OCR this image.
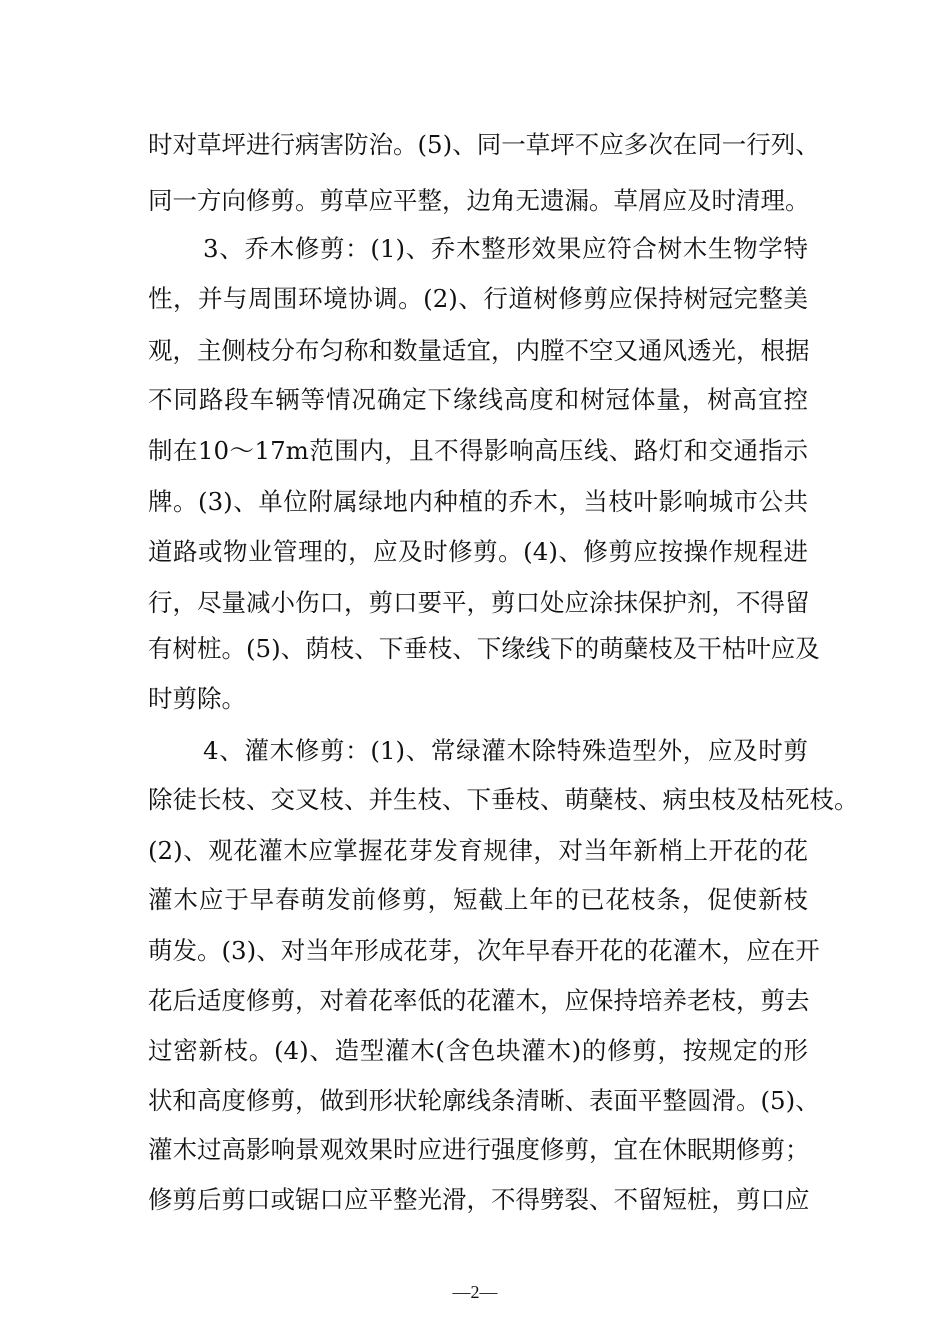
时对草坪进行病害防治。(5)、同一草坪不应多次在同一行列、
同一方向修剪。剪草应平整，边角无遗漏。草屑应及时清理。
3、乔木修剪：(1)、乔木整形效果应符合树木生物学特
性，并与周围环境协调。(2)、行道树修剪应保持树冠完整美
观，主侧枝分布匀称和数量适宜，内膛不空又通风透光，根据
不同路段车辆等情况确定下缘线高度和树冠体量，树高宜控
制在10～17m范围内，且不得影响高压线、路灯和交通指示
牌。(3)、单位附属绿地内种植的乔木，当枝叶影响城市公共
道路或物业管理的，应及时修剪。(4)、修剪应按操作规程进
行，尽量减小伤口，剪口要平，剪口处应涂抹保护剂，不得留
有树桩。(5)、荫枝、下垂枝、下缘线下的萌蘖枝及干枯叶应及
时剪除。
4、灌木修剪：(1)、常绿灌木除特殊造型外，应及时剪
除徒长枝、交叉枝、并生枝、下垂枝、萌蘖枝、病虫枝及枯死枝。
(2)、观花灌木应掌握花芽发育规律，对当年新梢上开花的花
灌木应于早春萌发前修剪，短截上年的已花枝条，促使新枝
萌发。(3)、对当年形成花芽，次年早春开花的花灌木，应在开
花后适度修剪，对着花率低的花灌木，应保持培养老枝，剪去
过密新枝。(4)、造型灌木(含色块灌木)的修剪，按规定的形
状和高度修剪，做到形状轮廓线条清晰、表面平整圆滑。(5)、
灌木过高影响景观效果时应进行强度修剪，宜在休眠期修剪；
修剪后剪口或锯口应平整光滑，不得劈裂、不留短桩，剪口应
—2—
